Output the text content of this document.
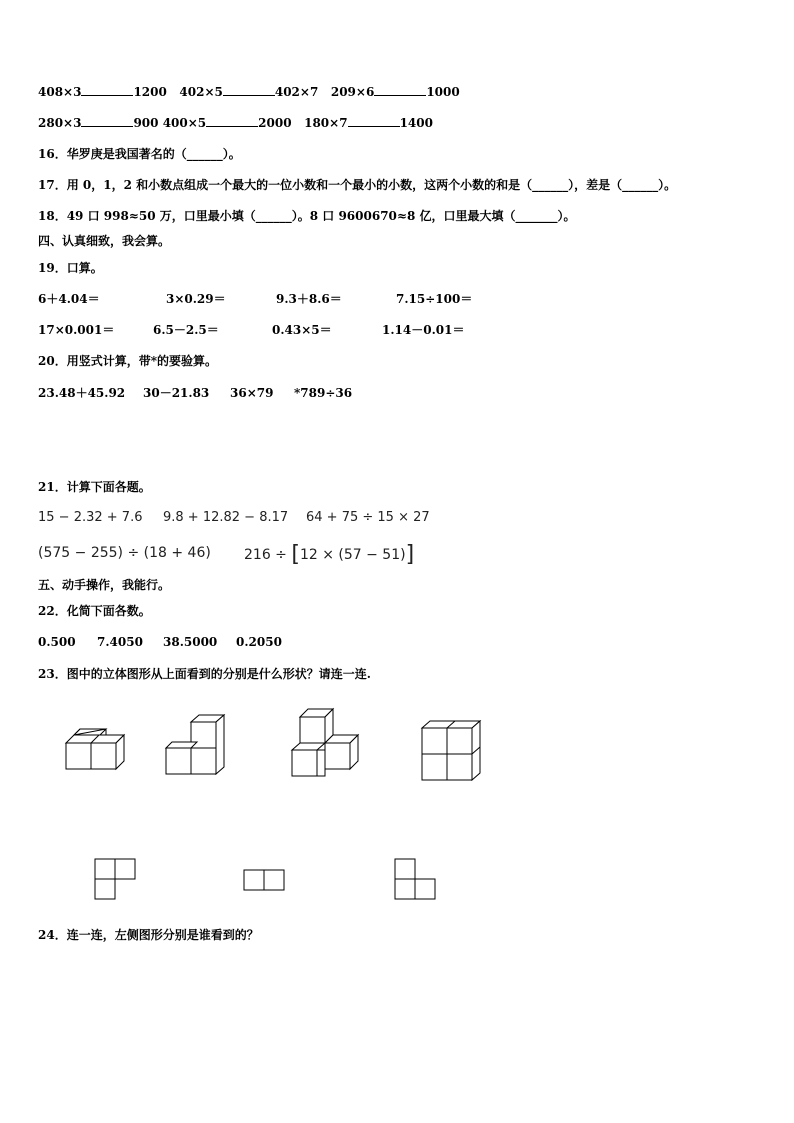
408×3	1200 402×5	402×7 209×6	1000
280×3	900 400×5	2000 180×7	1400
16．华罗庚是我国著名的（______）。
17．用 0，1，2 和小数点组成一个最大的一位小数和一个最小的小数，这两个小数的和是（______），差是（______）。
18．49 口 998≈50 万，口里最小填（______）。8 口 9600670≈8 亿，口里最大填（_______）。
四、认真细致，我会算。
19．口算。
6＋4.04＝	3×0.29＝	9.3＋8.6＝	7.15÷100＝
17×0.001＝	6.5－2.5＝	0.43×5＝	1.14－0.01＝
20．用竖式计算，带*的要验算。
23.48＋45.92 30－21.83 36×79 *789÷36
21．计算下面各题。
15 − 2.32 + 7.6 9.8 + 12.82 − 8.17 64 + 75 ÷ 15 × 27
(575 − 255) ÷ (18 + 46) 216 ÷ [12 × (57 − 51)]
五、动手操作，我能行。
22．化简下面各数。
0.500 7.4050 38.5000 0.2050
23．图中的立体图形从上面看到的分别是什么形状？请连一连.
24．连一连，左侧图形分别是谁看到的？
